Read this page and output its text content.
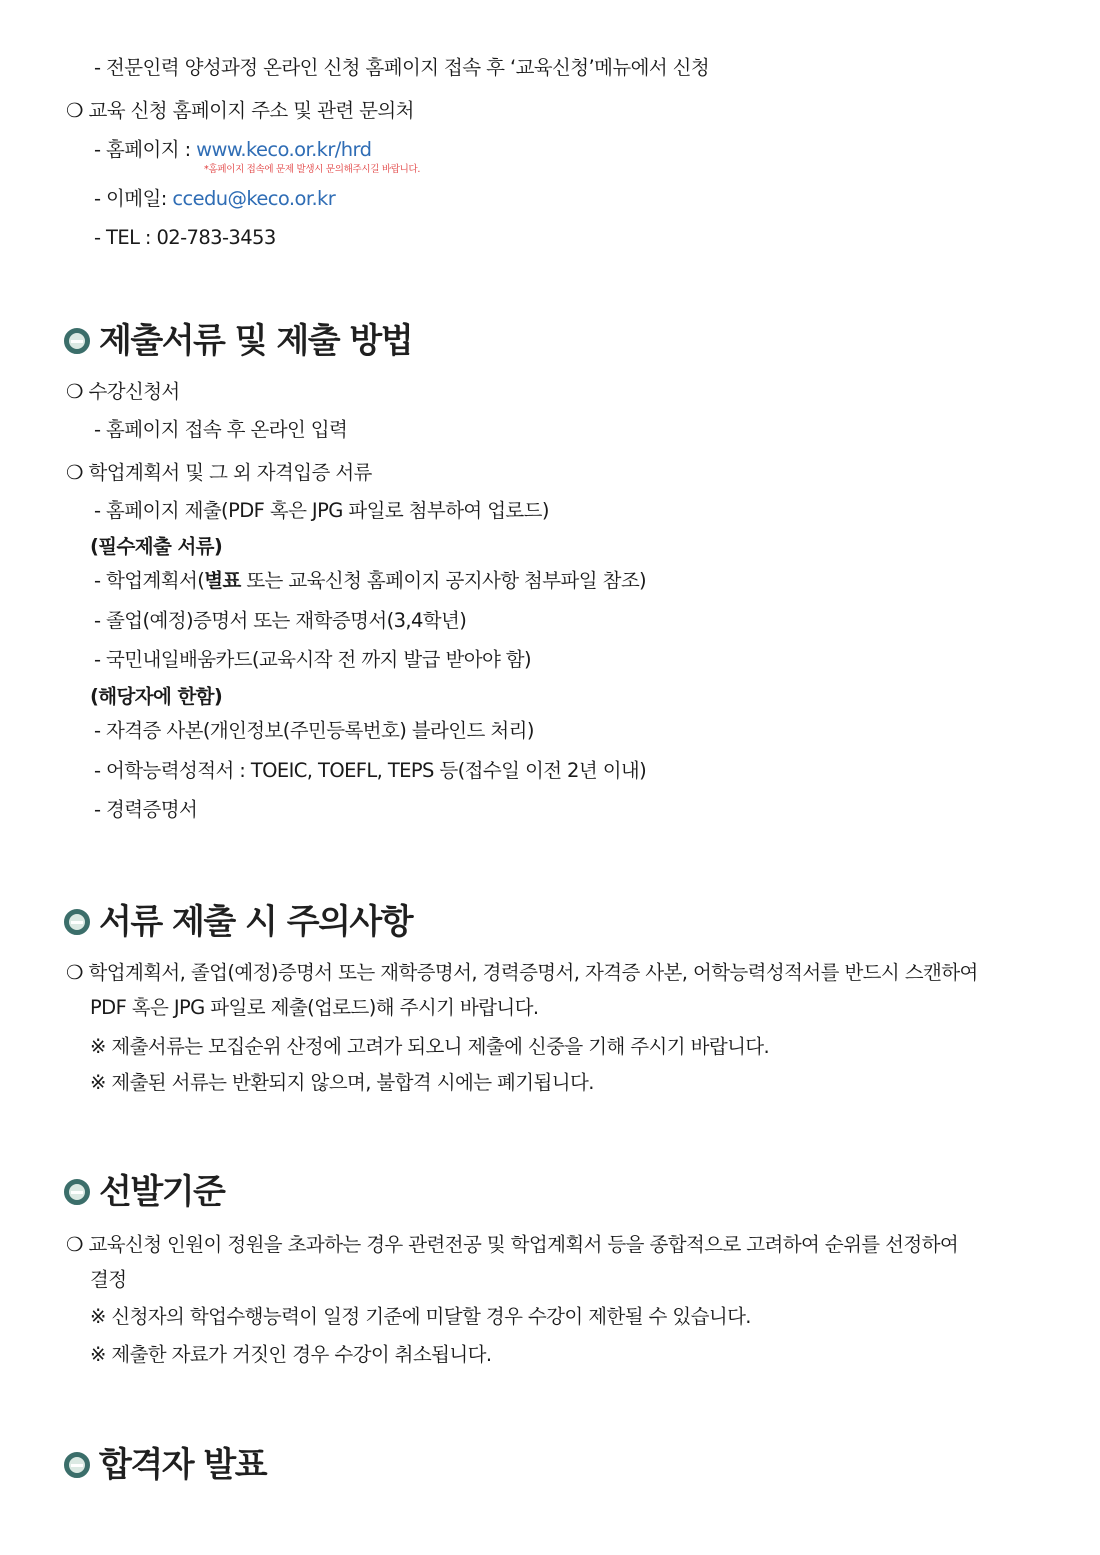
- 전문인력 양성과정 온라인 신청 홈페이지 접속 후 ‘교육신청’메뉴에서 신청
❍ 교육 신청 홈페이지 주소 및 관련 문의처
- 홈페이지 : www.keco.or.kr/hrd
*홈페이지 접속에 문제 발생시 문의해주시길 바랍니다.
- 이메일: ccedu@keco.or.kr
- TEL : 02-783-3453
제출서류 및 제출 방법
❍ 수강신청서
- 홈페이지 접속 후 온라인 입력
❍ 학업계획서 및 그 외 자격입증 서류
- 홈페이지 제출(PDF 혹은 JPG 파일로 첨부하여 업로드)
(필수제출 서류)
- 학업계획서(별표 또는 교육신청 홈페이지 공지사항 첨부파일 참조)
- 졸업(예정)증명서 또는 재학증명서(3,4학년)
- 국민내일배움카드(교육시작 전 까지 발급 받아야 함)
(해당자에 한함)
- 자격증 사본(개인정보(주민등록번호) 블라인드 처리)
- 어학능력성적서 : TOEIC, TOEFL, TEPS 등(접수일 이전 2년 이내)
- 경력증명서
서류 제출 시 주의사항
❍ 학업계획서, 졸업(예정)증명서 또는 재학증명서, 경력증명서, 자격증 사본, 어학능력성적서를 반드시 스캔하여
PDF 혹은 JPG 파일로 제출(업로드)해 주시기 바랍니다.
※ 제출서류는 모집순위 산정에 고려가 되오니 제출에 신중을 기해 주시기 바랍니다.
※ 제출된 서류는 반환되지 않으며, 불합격 시에는 폐기됩니다.
선발기준
❍ 교육신청 인원이 정원을 초과하는 경우 관련전공 및 학업계획서 등을 종합적으로 고려하여 순위를 선정하여
결정
※ 신청자의 학업수행능력이 일정 기준에 미달할 경우 수강이 제한될 수 있습니다.
※ 제출한 자료가 거짓인 경우 수강이 취소됩니다.
합격자 발표
